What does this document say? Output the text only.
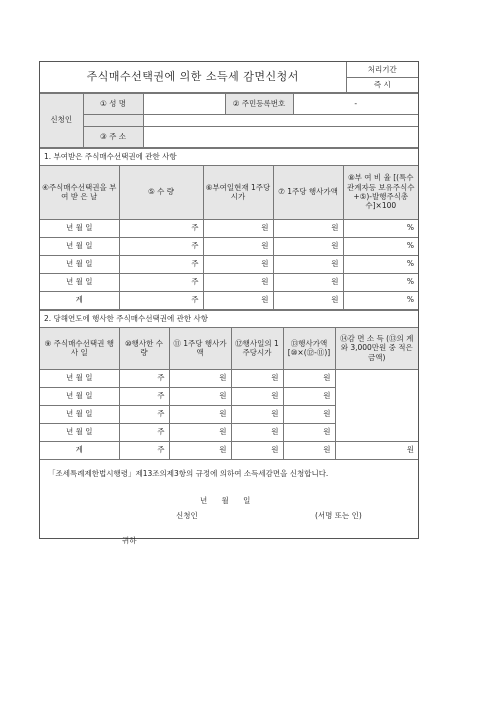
주식매수선택권에 의한 소득세 감면신청서	처리기간
즉 시
신청인	① 성 명		② 주민등록번호	-

	③ 주 소			
1. 부여받은 주식매수선택권에 관한 사항				
④주식매수선택권을 부 여 받 은 날	⑤ 수 량	⑥부여일현재 1주당시가	⑦ 1주당 행사가액	⑧부 여 비 율 [(특수관계자등 보유주식수+⑤)-발행주식총수]×100
년 월 일	주	원	원	%
년 월 일	주	원	원	%
년 월 일	주	원	원	%
년 월 일	주	원	원	%
계	주	원	원	%
2. 당해연도에 행사한 주식매수선택권에 관한 사항					
⑨ 주식매수선택권 행 사 일	⑩행사한 수 량	⑪ 1주당 행사가액	⑫행사일의 1주당시가	⑬행사가액 [⑩×(⑫-⑪)]	⑭감 면 소 득 (⑬의 계와 3,000만원 중 적은금액)
년 월 일	주	원	원	원	
년 월 일	주	원	원	원	
년 월 일	주	원	원	원	
년 월 일	주	원	원	원	
계	주	원	원	원	원
「조세특례제한법시행령」제13조의제3항의 규정에 의하여 소득세감면을 신청합니다.
년      월      일
신청인	(서명 또는 인)
귀하
